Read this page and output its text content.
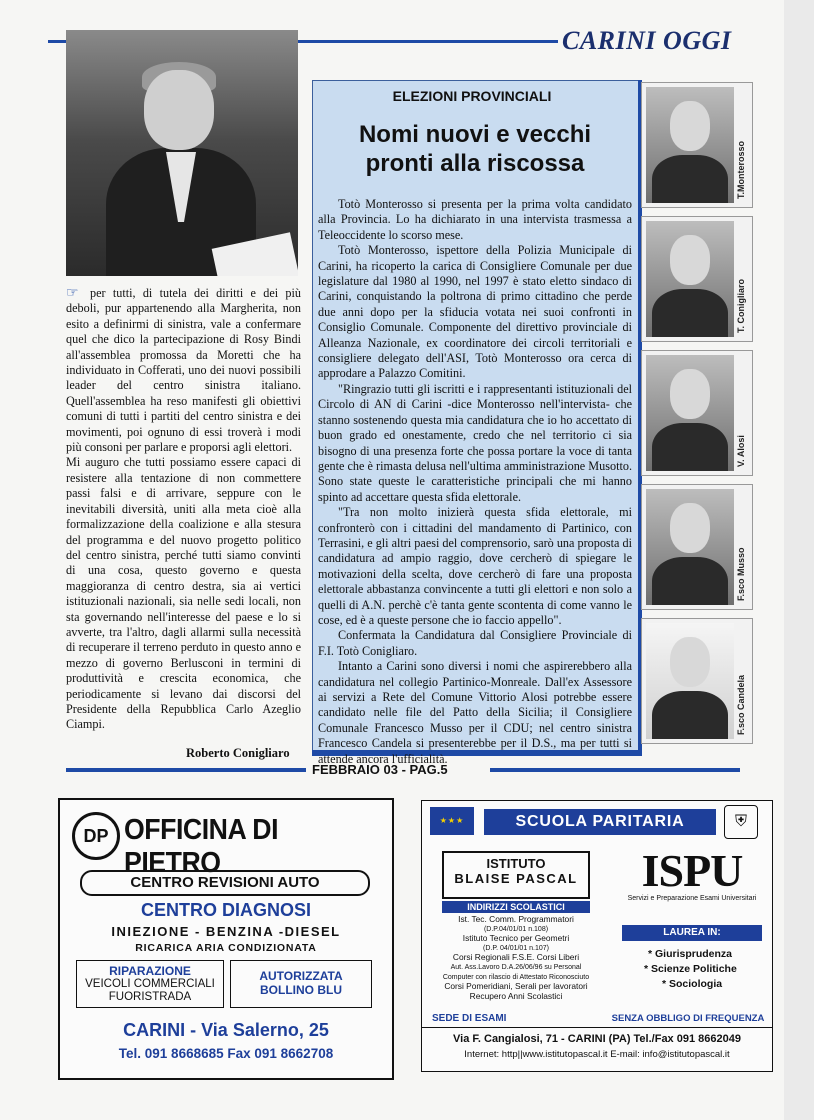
CARINI OGGI

☞ per tutti, di tutela dei diritti e dei più deboli, pur appartenendo alla Margherita, non esito a definirmi di sinistra, vale a confermare quel che dico la partecipazione di Rosy Bindi all'assemblea promossa da Moretti che ha individuato in Cofferati, uno dei nuovi possibili leader del centro sinistra italiano. Quell'assemblea ha reso manifesti gli obiettivi comuni di tutti i partiti del centro sinistra e dei movimenti, poi ognuno di essi troverà i modi più consoni per parlare e proporsi agli elettori.

Mi auguro che tutti possiamo essere capaci di resistere alla tentazione di non commettere passi falsi e di arrivare, seppure con le inevitabili diversità, uniti alla meta cioè alla formalizzazione della coalizione e alla stesura del programma e del nuovo progetto politico del centro sinistra, perché tutti siamo convinti di una cosa, questo governo e questa maggioranza di centro destra, sia ai vertici istituzionali nazionali, sia nelle sedi locali, non sta governando nell'interesse del paese e lo si avverte, tra l'altro, dagli allarmi sulla necessità di recuperare il terreno perduto in questo anno e mezzo di governo Berlusconi in termini di produttività e crescita economica, che periodicamente si levano dai discorsi del Presidente della Repubblica Carlo Azeglio Ciampi.

Roberto Conigliaro
ELEZIONI PROVINCIALI
Nomi nuovi e vecchi
pronti alla riscossa

Totò Monterosso si presenta per la prima volta candidato alla Provincia. Lo ha dichiarato in una intervista trasmessa a Teleoccidente lo scorso mese.

Totò Monterosso, ispettore della Polizia Municipale di Carini, ha ricoperto la carica di Consigliere Comunale per due legislature dal 1980 al 1990, nel 1997 è stato eletto sindaco di Carini, conquistando la poltrona di primo cittadino che perde due anni dopo per la sfiducia votata nei suoi confronti in Consiglio Comunale. Componente del direttivo provinciale di Alleanza Nazionale, ex coordinatore dei circoli territoriali e consigliere delegato dell'ASI, Totò Monterosso ora cerca di approdare a Palazzo Comitini.

"Ringrazio tutti gli iscritti e i rappresentanti istituzionali del Circolo di AN di Carini -dice Monterosso nell'intervista- che stanno sostenendo questa mia candidatura che io ho accettato di buon grado ed onestamente, credo che nel territorio ci sia bisogno di una presenza forte che possa portare la voce di tanta gente che è rimasta delusa nell'ultima amministrazione Musotto. Sono state queste le caratteristiche principali che mi hanno spinto ad accettare questa sfida elettorale.

"Tra non molto inizierà questa sfida elettorale, mi confronterò con i cittadini del mandamento di Partinico, con Terrasini, e gli altri paesi del comprensorio, sarò una proposta di candidatura ad ampio raggio, dove cercherò di spiegare le motivazioni della scelta, dove cercherò di fare una proposta elettorale abbastanza convincente a tutti gli elettori e non solo a quelli di A.N. perchè c'è tanta gente scontenta di come vanno le cose, ed è a queste persone che io faccio appello".

Confermata la Candidatura dal Consigliere Provinciale di F.I. Totò Conigliaro.

Intanto a Carini sono diversi i nomi che aspirerebbero alla candidatura nel collegio Partinico-Monreale. Dall'ex Assessore ai servizi a Rete del Comune Vittorio Alosi potrebbe essere candidato nelle file del Patto della Sicilia; il Consigliere Comunale Francesco Musso per il CDU; nel centro sinistra Francesco Candela si presenterebbe per il D.S., ma per tutti si attende ancora l'ufficialità.

T.Monterosso
T. Conigliaro
V. Alosi
F.sco Musso
F.sco Candela
FEBBRAIO 03 - PAG.5
DP OFFICINA DI PIETRO
CENTRO REVISIONI AUTO
CENTRO DIAGNOSI
INIEZIONE - BENZINA -DIESEL
RICARICA ARIA CONDIZIONATA
RIPARAZIONE
VEICOLI COMMERCIALI
FUORISTRADA
AUTORIZZATA
BOLLINO BLU
CARINI - Via Salerno, 25
Tel. 091 8668685 Fax 091 8662708
★★★	SCUOLA PARITARIA	⛨
ISTITUTO
BLAISE PASCAL
INDIRIZZI SCOLASTICI
Ist. Tec. Comm. Programmatori
(D.P.04/01/01 n.108)
Istituto Tecnico per Geometri
(D.P. 04/01/01 n.107)
Corsi Regionali F.S.E. Corsi Liberi
Aut. Ass.Lavoro D.A.26/06/96 su Personal
Computer con rilascio di Attestato Riconosciuto
Corsi Pomeridiani, Serali per lavoratori
Recupero Anni Scolastici
SEDE DI ESAMI
ISPU
Servizi e Preparazione Esami Universitari
LAUREA IN:
* Giurisprudenza
* Scienze Politiche
* Sociologia
SENZA OBBLIGO DI FREQUENZA
Via F. Cangialosi, 71 - CARINI (PA) Tel./Fax 091 8662049
Internet: http||www.istitutopascal.it E-mail: info@istitutopascal.it
